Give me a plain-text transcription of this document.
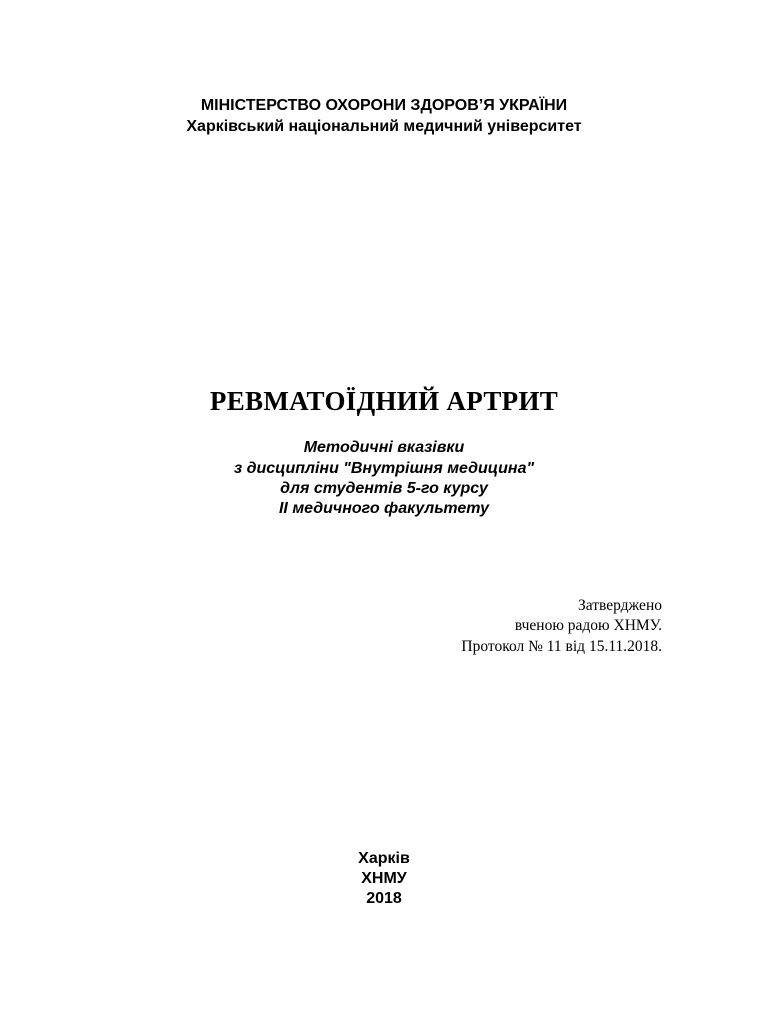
МІНІСТЕРСТВО ОХОРОНИ ЗДОРОВ’Я УКРАЇНИ
Харківський національний медичний університет
РЕВМАТОЇДНИЙ АРТРИТ
Методичні вказівки
з дисципліни "Внутрішня медицина"
для студентів 5-го курсу
ІІ медичного факультету
Затверджено
вченою радою ХНМУ.
Протокол № 11 від 15.11.2018.
Харків
ХНМУ
2018
